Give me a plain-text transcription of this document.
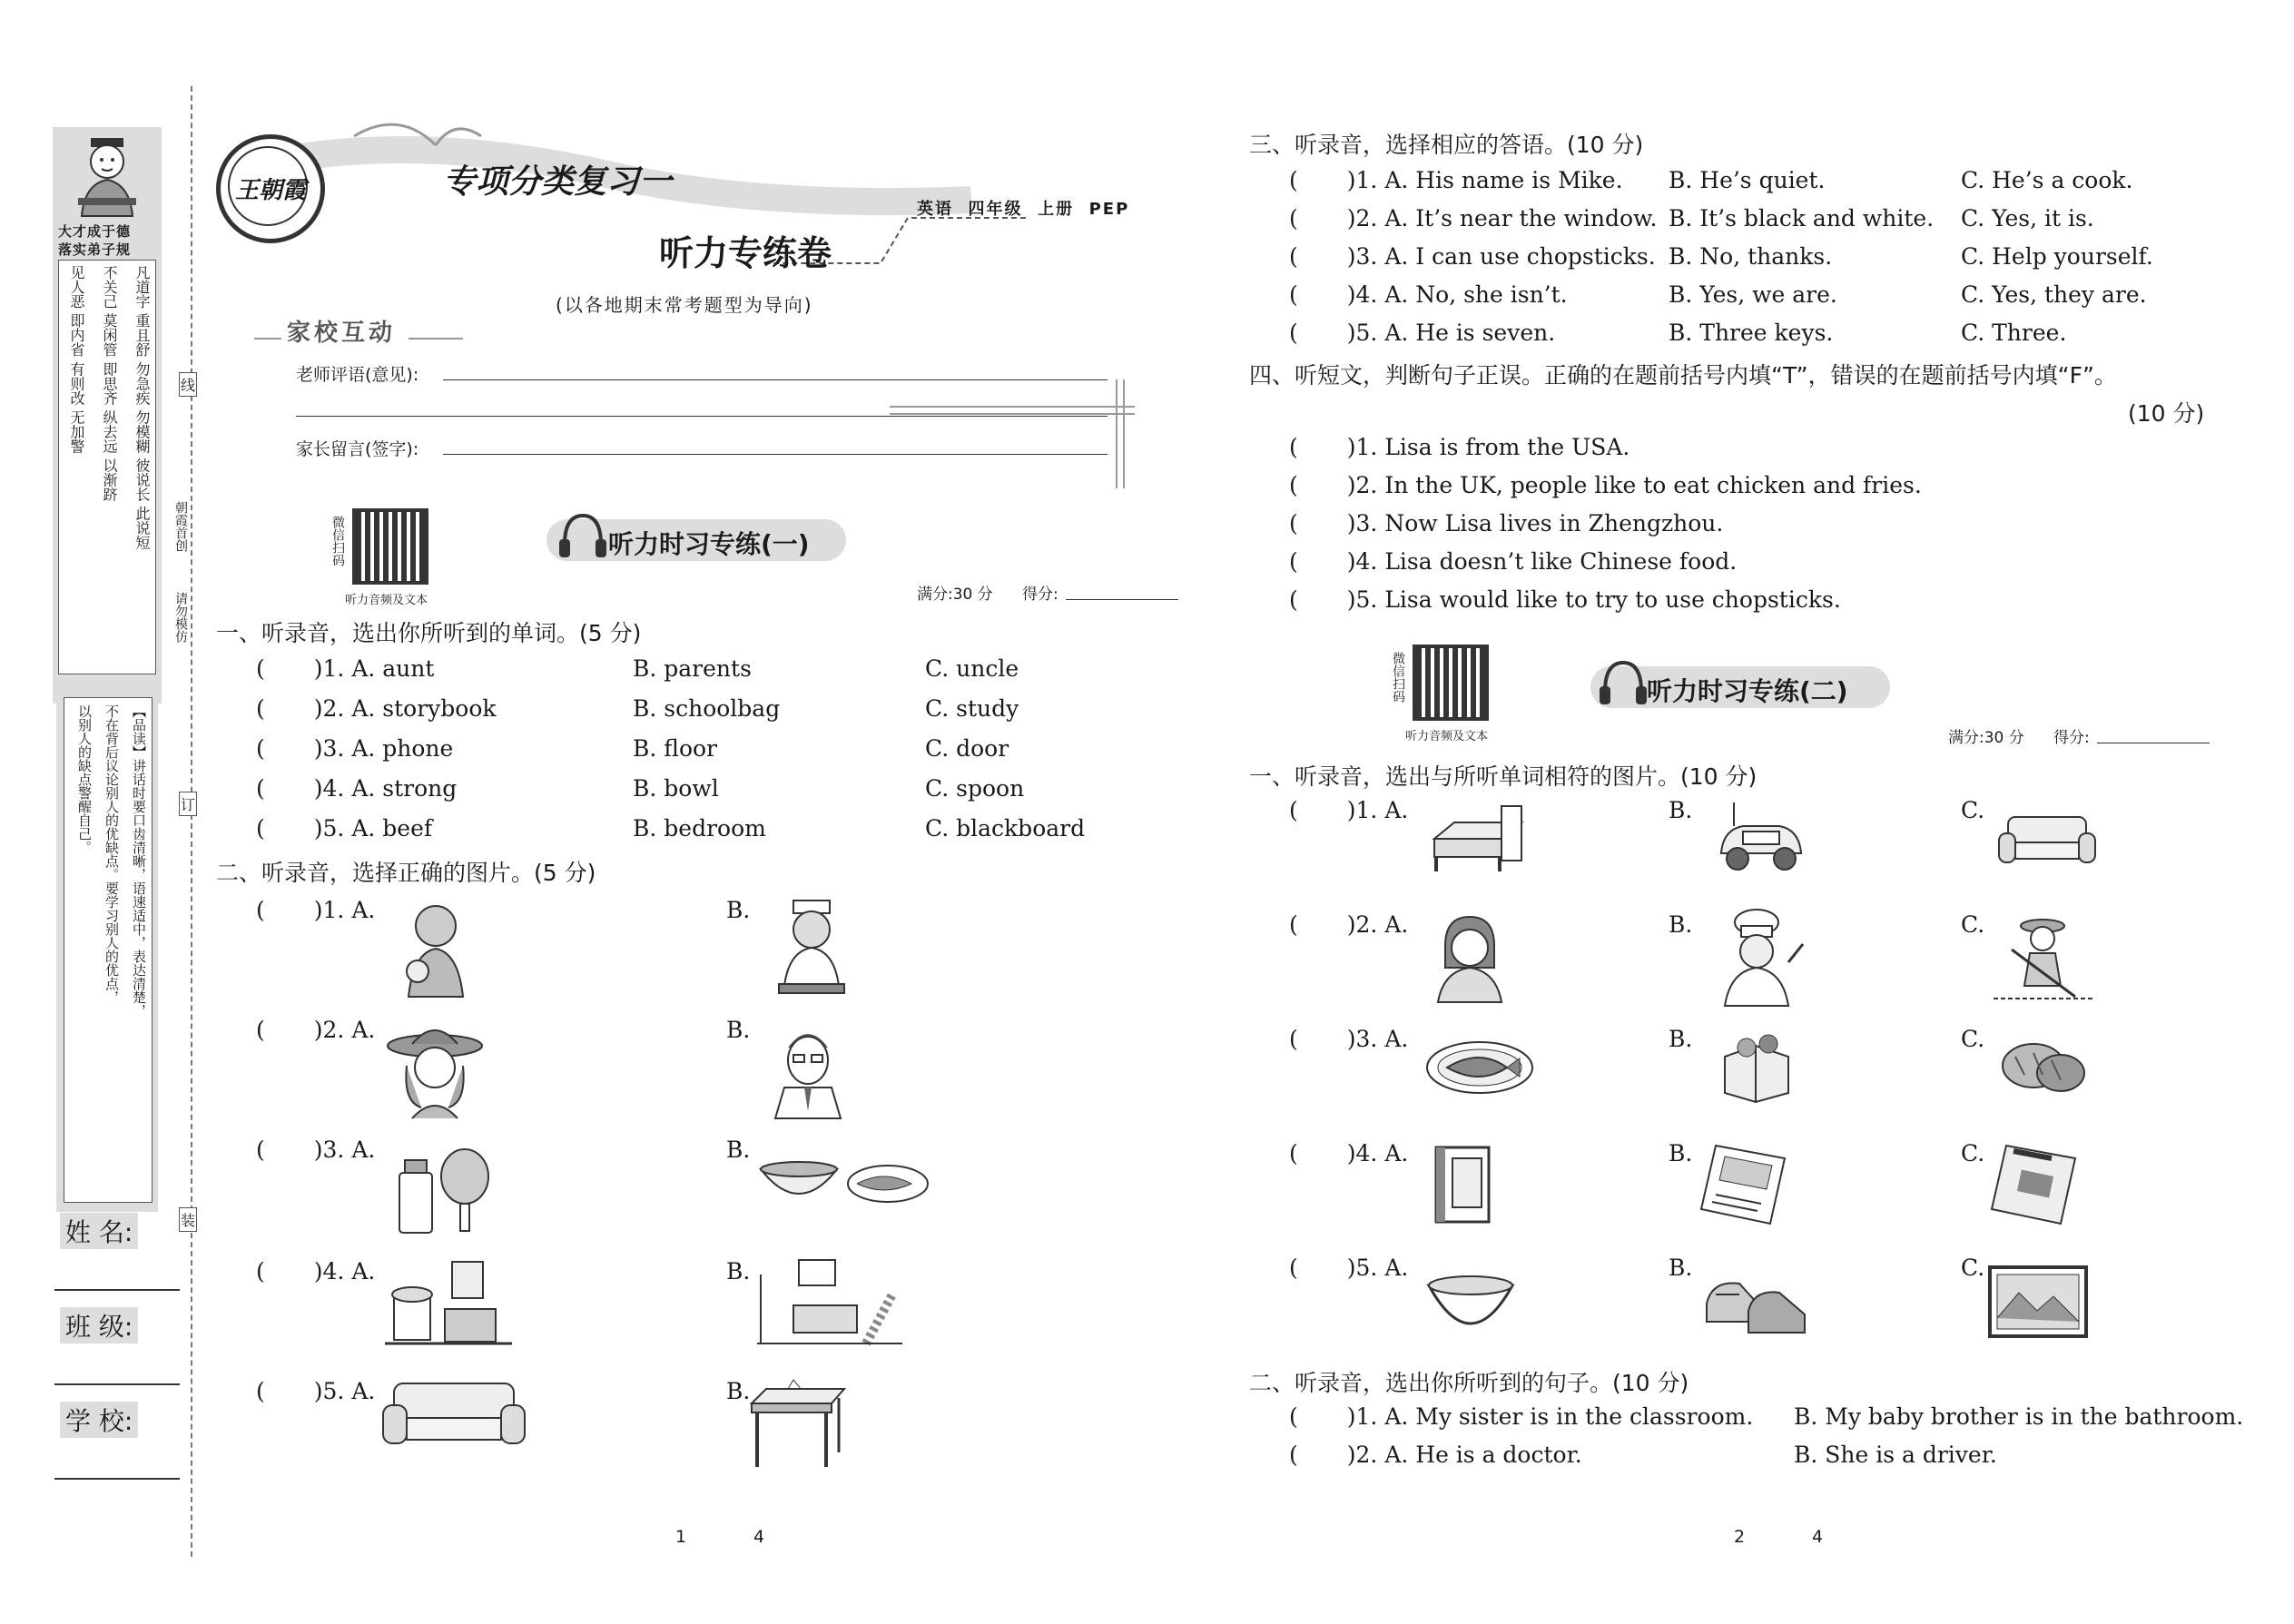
大才成于德
落实弟子规
凡道字 重且舒 勿急疾 勿模糊 彼说长 此说短
不关己 莫闲管 即思齐 纵去远 以渐跻
见人恶 即内省 有则改 无加警
【品读】讲话时要口齿清晰，语速适中，表达清楚，
不在背后议论别人的优缺点。要学习别人的优点，
以别人的缺点警醒自己。
姓 名:
班 级:
学 校:
线
订
装
朝霞首创
请勿模仿
王朝霞	专项分类复习一
英语  四年级  上册  PEP
听力专练卷
(以各地期末常考题型为导向)
家校互动
老师评语(意见):
家长留言(签字):
微信扫码
听力音频及文本
听力时习专练(一)
满分:30 分 得分:
一、听录音，选出你所听到的单词。(5 分)
( )1. A. aunt	B. parents	C. uncle
( )2. A. storybook	B. schoolbag	C. study
( )3. A. phone	B. floor	C. door
( )4. A. strong	B. bowl	C. spoon
( )5. A. beef	B. bedroom	C. blackboard
二、听录音，选择正确的图片。(5 分)
( )1. A.	B.
( )2. A.	B.
( )3. A.	B.
( )4. A.	B.
( )5. A.	B.
1	4
三、听录音，选择相应的答语。(10 分)
( )1. A. His name is Mike. B. He’s quiet.	C. He’s a cook.
( )2. A. It’s near the window. B. It’s black and white. C. Yes, it is.
( )3. A. I can use chopsticks. B. No, thanks.	C. Help yourself.
( )4. A. No, she isn’t.	B. Yes, we are.	C. Yes, they are.
( )5. A. He is seven.	B. Three keys.	C. Three.
四、听短文，判断句子正误。正确的在题前括号内填“T”，错误的在题前括号内填“F”。
(10 分)
( )1. Lisa is from the USA.
( )2. In the UK, people like to eat chicken and fries.
( )3. Now Lisa lives in Zhengzhou.
( )4. Lisa doesn’t like Chinese food.
( )5. Lisa would like to try to use chopsticks.
微信扫码
听力音频及文本
听力时习专练(二)
满分:30 分 得分:
一、听录音，选出与所听单词相符的图片。(10 分)
( )1. A.	B.	C.
( )2. A.	B.	C.
( )3. A.	B.	C.
( )4. A.	B.	C.
( )5. A.	B.	C.
二、听录音，选出你所听到的句子。(10 分)
( )1. A. My sister is in the classroom. B. My baby brother is in the bathroom.
( )2. A. He is a doctor.	B. She is a driver.
2	4
